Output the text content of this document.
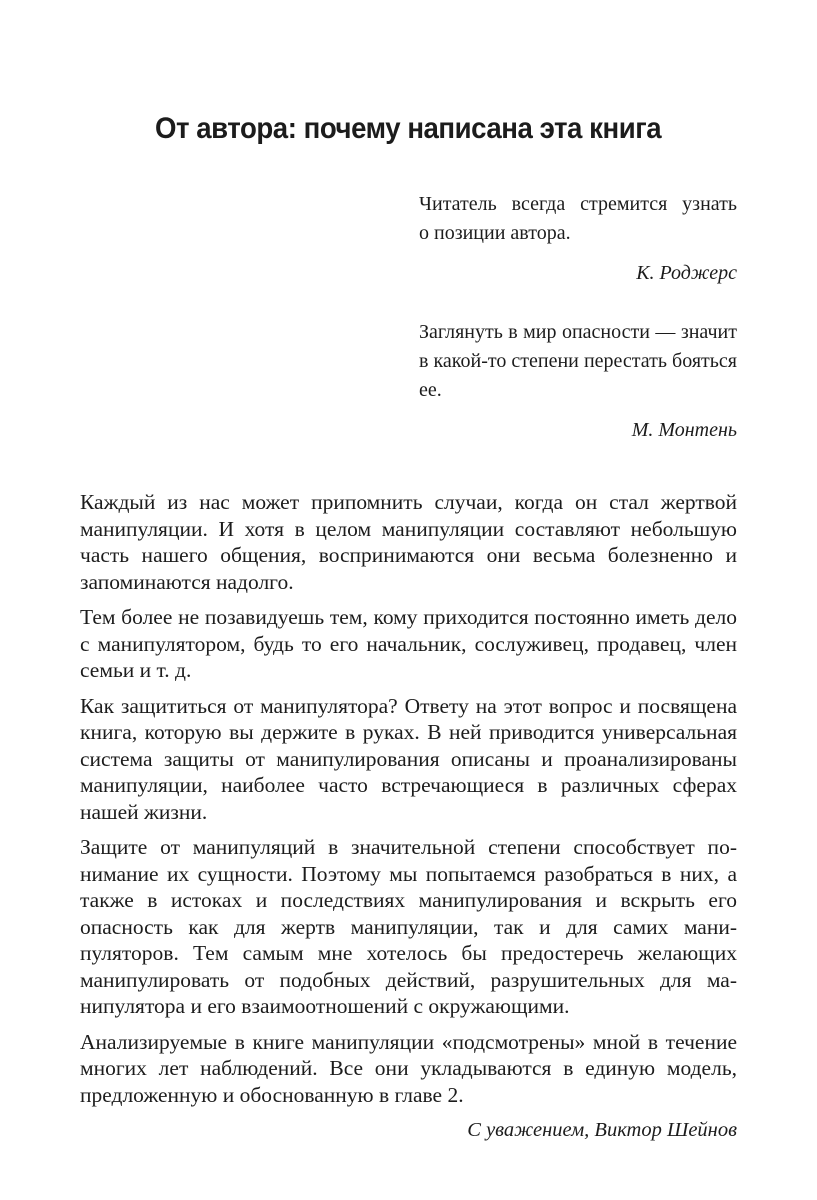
От автора: почему написана эта книга
Читатель всегда стремится узнать о позиции автора.
К. Роджерс
Заглянуть в мир опасности — значит в какой-то степени перестать бояться ее.
М. Монтень

Каждый из нас может припомнить случаи, когда он стал жертвой манипуляции. И хотя в целом манипуляции составляют небольшую часть нашего общения, воспринимаются они весьма болезненно и запоминаются надолго.

Тем более не позавидуешь тем, кому приходится постоянно иметь дело с манипулятором, будь то его начальник, сослуживец, продавец, член семьи и т. д.

Как защититься от манипулятора? Ответу на этот вопрос и посвящена книга, которую вы держите в руках. В ней приводится универсальная система защиты от манипулирования описаны и проанализированы манипуляции, наиболее часто встречающиеся в различных сферах нашей жизни.

Защите от манипуляций в значительной степени способствует понимание их сущности. Поэтому мы попытаемся разобраться в них, а также в истоках и последствиях манипулирования и вскрыть его опасность как для жертв манипуляции, так и для самих манипуляторов. Тем самым мне хотелось бы предостеречь желающих манипулировать от подобных действий, разрушительных для манипулятора и его взаимоотношений с окружающими.

Анализируемые в книге манипуляции «подсмотрены» мной в течение многих лет наблюдений. Все они укладываются в единую модель, предложенную и обоснованную в главе 2.

С уважением, Виктор Шейнов
